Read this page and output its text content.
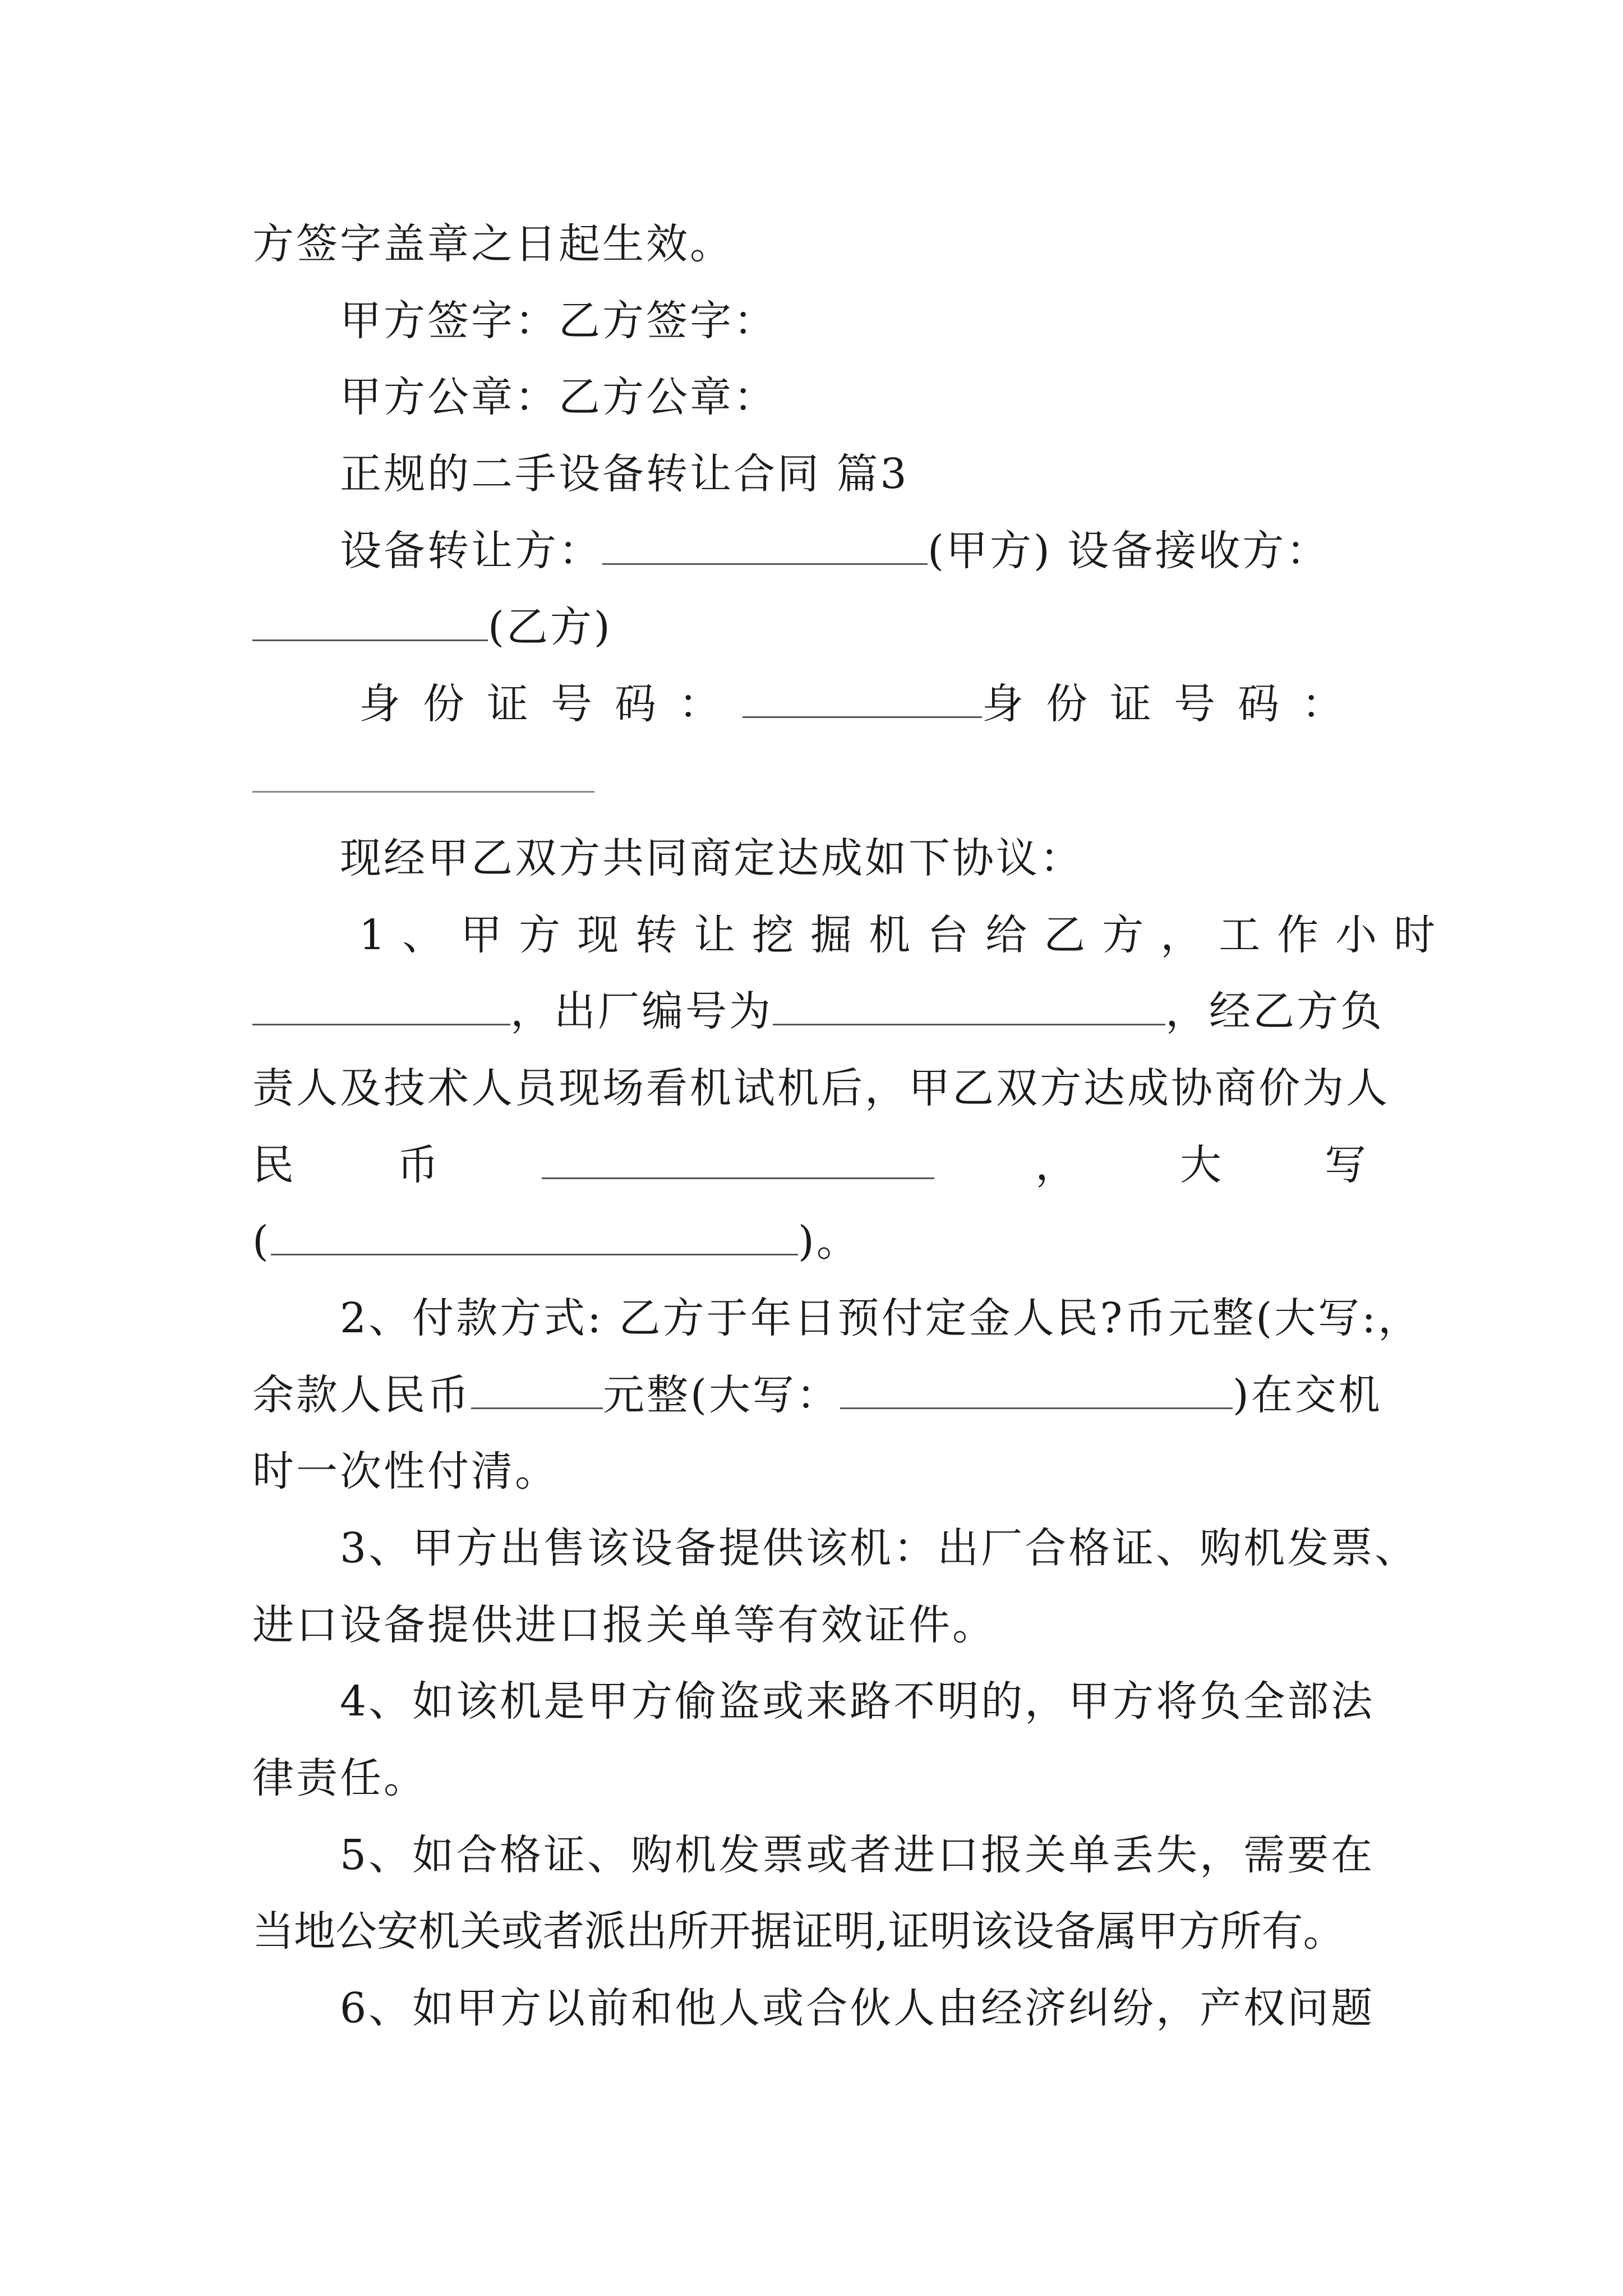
方签字盖章之日起生效。
甲方签字：乙方签字：
甲方公章：乙方公章：
正规的二手设备转让合同 篇3
设备转让方：	(甲方) 设备接收方：
(乙方)
身份证号码：	身份证号码：
现经甲乙双方共同商定达成如下协议：
1、甲方现转让挖掘机台给乙方，工作小时
，出厂编号为	，经乙方负
责人及技术人员现场看机试机后，甲乙双方达成协商价为人
民 币	， 大 写
(	)。
2、付款方式: 乙方于年日预付定金人民?币元整(大写:，
余款人民币	元整(大写：	)在交机
时一次性付清。
3、甲方出售该设备提供该机：出厂合格证、购机发票、
进口设备提供进口报关单等有效证件。
4、如该机是甲方偷盗或来路不明的，甲方将负全部法
律责任。
5、如合格证、购机发票或者进口报关单丢失，需要在
当地公安机关或者派出所开据证明,证明该设备属甲方所有。
6、如甲方以前和他人或合伙人由经济纠纷，产权问题
